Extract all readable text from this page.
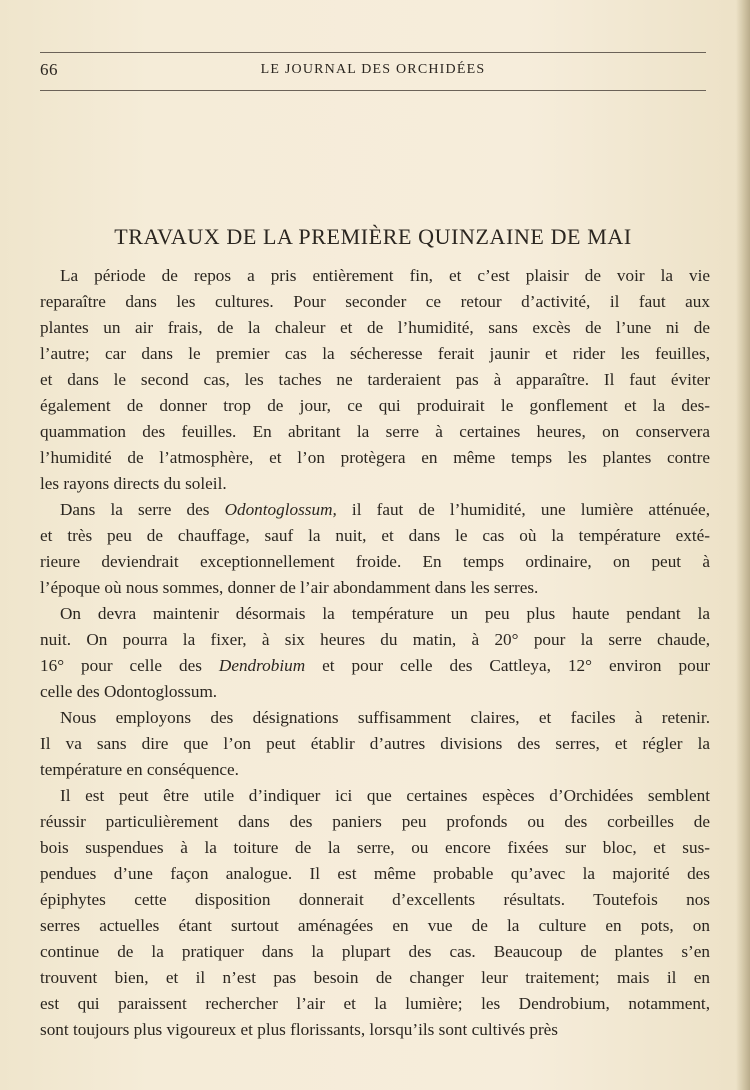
66	LE JOURNAL DES ORCHIDÉES
TRAVAUX DE LA PREMIÈRE QUINZAINE DE MAI
La période de repos a pris entièrement fin, et c’est plaisir de voir la vie
reparaître dans les cultures. Pour seconder ce retour d’activité, il faut aux
plantes un air frais, de la chaleur et de l’humidité, sans excès de l’une ni de
l’autre; car dans le premier cas la sécheresse ferait jaunir et rider les feuilles,
et dans le second cas, les taches ne tarderaient pas à apparaître. Il faut éviter
également de donner trop de jour, ce qui produirait le gonflement et la des-
quammation des feuilles. En abritant la serre à certaines heures, on conservera
l’humidité de l’atmosphère, et l’on protègera en même temps les plantes contre
les rayons directs du soleil.
Dans la serre des Odontoglossum, il faut de l’humidité, une lumière atténuée,
et très peu de chauffage, sauf la nuit, et dans le cas où la température exté-
rieure deviendrait exceptionnellement froide. En temps ordinaire, on peut à
l’époque où nous sommes, donner de l’air abondamment dans les serres.
On devra maintenir désormais la température un peu plus haute pendant la
nuit. On pourra la fixer, à six heures du matin, à 20° pour la serre chaude,
16° pour celle des Dendrobium et pour celle des Cattleya, 12° environ pour
celle des Odontoglossum.
Nous employons des désignations suffisamment claires, et faciles à retenir.
Il va sans dire que l’on peut établir d’autres divisions des serres, et régler la
température en conséquence.
Il est peut être utile d’indiquer ici que certaines espèces d’Orchidées semblent
réussir particulièrement dans des paniers peu profonds ou des corbeilles de
bois suspendues à la toiture de la serre, ou encore fixées sur bloc, et sus-
pendues d’une façon analogue. Il est même probable qu’avec la majorité des
épiphytes cette disposition donnerait d’excellents résultats. Toutefois nos
serres actuelles étant surtout aménagées en vue de la culture en pots, on
continue de la pratiquer dans la plupart des cas. Beaucoup de plantes s’en
trouvent bien, et il n’est pas besoin de changer leur traitement; mais il en
est qui paraissent rechercher l’air et la lumière; les Dendrobium, notamment,
sont toujours plus vigoureux et plus florissants, lorsqu’ils sont cultivés près
